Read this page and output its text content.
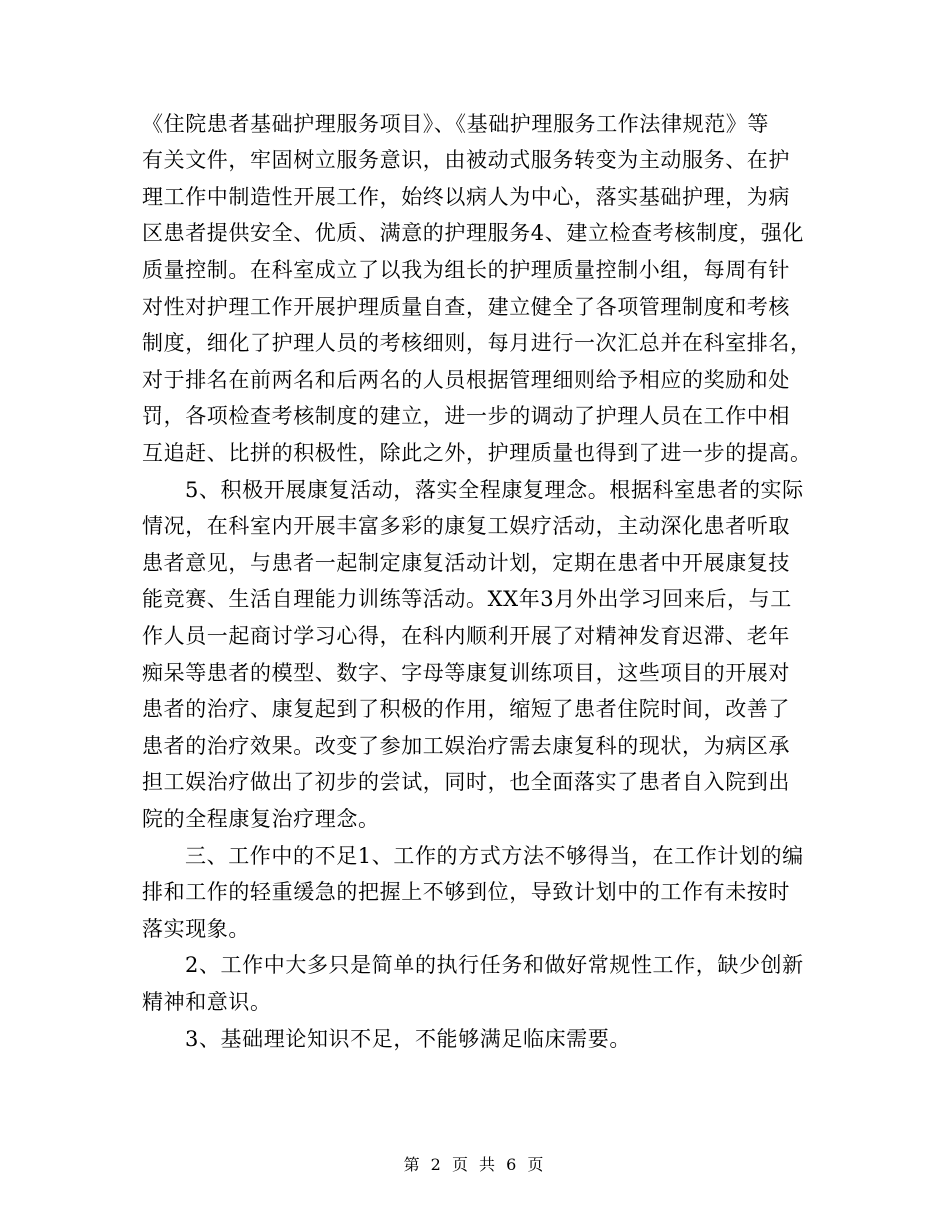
《住院患者基础护理服务项目》、《基础护理服务工作法律规范》等
有关文件，牢固树立服务意识，由被动式服务转变为主动服务、在护
理工作中制造性开展工作，始终以病人为中心，落实基础护理，为病
区患者提供安全、优质、满意的护理服务4、建立检查考核制度，强化
质量控制。在科室成立了以我为组长的护理质量控制小组，每周有针
对性对护理工作开展护理质量自查，建立健全了各项管理制度和考核
制度，细化了护理人员的考核细则，每月进行一次汇总并在科室排名，
对于排名在前两名和后两名的人员根据管理细则给予相应的奖励和处
罚，各项检查考核制度的建立，进一步的调动了护理人员在工作中相
互追赶、比拼的积极性，除此之外，护理质量也得到了进一步的提高。
5、积极开展康复活动，落实全程康复理念。根据科室患者的实际
情况，在科室内开展丰富多彩的康复工娱疗活动，主动深化患者听取
患者意见，与患者一起制定康复活动计划，定期在患者中开展康复技
能竞赛、生活自理能力训练等活动。XX年3月外出学习回来后，与工
作人员一起商讨学习心得，在科内顺利开展了对精神发育迟滞、老年
痴呆等患者的模型、数字、字母等康复训练项目，这些项目的开展对
患者的治疗、康复起到了积极的作用，缩短了患者住院时间，改善了
患者的治疗效果。改变了参加工娱治疗需去康复科的现状，为病区承
担工娱治疗做出了初步的尝试，同时，也全面落实了患者自入院到出
院的全程康复治疗理念。
三、工作中的不足1、工作的方式方法不够得当，在工作计划的编
排和工作的轻重缓急的把握上不够到位，导致计划中的工作有未按时
落实现象。
2、工作中大多只是简单的执行任务和做好常规性工作，缺少创新
精神和意识。
3、基础理论知识不足，不能够满足临床需要。
第 2 页 共 6 页
